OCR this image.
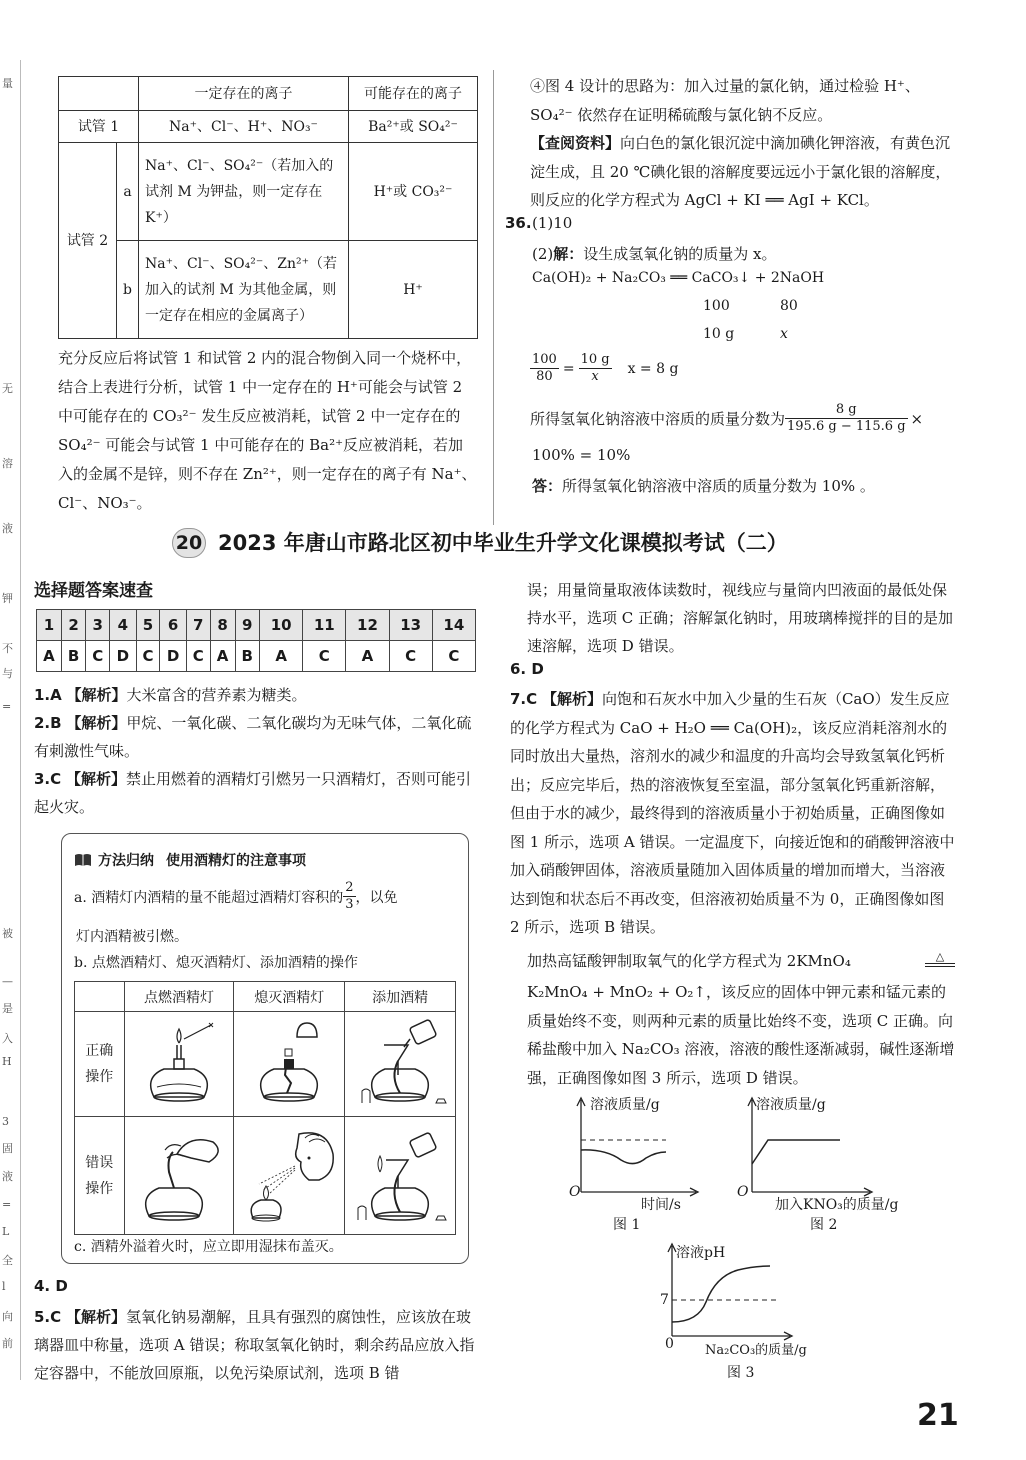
量
无
溶
液
钾
不
与
=
被
—
是
入
H
3
固
液
=
L
全
l
向
前
		一定存在的离子	可能存在的离子
试管 1		Na⁺、Cl⁻、H⁺、NO₃⁻	Ba²⁺或 SO₄²⁻
试管 2	a	Na⁺、Cl⁻、SO₄²⁻（若加入的试剂 M 为钾盐，则一定存在 K⁺）	H⁺或 CO₃²⁻
	b	Na⁺、Cl⁻、SO₄²⁻、Zn²⁺（若加入的试剂 M 为其他金属，则一定存在相应的金属离子）	H⁺
充分反应后将试管 1 和试管 2 内的混合物倒入同一个烧杯中，结合上表进行分析，试管 1 中一定存在的 H⁺可能会与试管 2 中可能存在的 CO₃²⁻ 发生反应被消耗，试管 2 中一定存在的 SO₄²⁻ 可能会与试管 1 中可能存在的 Ba²⁺反应被消耗，若加入的金属不是锌，则不存在 Zn²⁺，则一定存在的离子有 Na⁺、Cl⁻、NO₃⁻。

④图 4 设计的思路为：加入过量的氯化钠，通过检验 H⁺、SO₄²⁻ 依然存在证明稀硫酸与氯化钠不反应。

【查阅资料】向白色的氯化银沉淀中滴加碘化钾溶液，有黄色沉淀生成，且 20 ℃碘化银的溶解度要远远小于氯化银的溶解度，则反应的化学方程式为 AgCl + KI ══ AgI + KCl。

36. (1)10
(2)解：设生成氢氧化钠的质量为 x。
Ca(OH)₂ + Na₂CO₃ ══ CaCO₃↓ + 2NaOH
100	80
10 g	x
$\frac{100}{80} = \frac{10 g}{x}$ x = 8 g
所得氢氧化钠溶液中溶质的质量分数为 $\frac{8 g}{195.6 g - 115.6 g}$ ×
100% = 10%
答：所得氢氧化钠溶液中溶质的质量分数为 10% 。
20 2023 年唐山市路北区初中毕业生升学文化课模拟考试（二）
选择题答案速查
1	2	3	4	5	6	7	8	9	10	11	12	13	14
A	B	C	D	C	D	C	A	B	A	C	A	C	C

1.A 【解析】大米富含的营养素为糖类。

2.B 【解析】甲烷、一氧化碳、二氧化碳均为无味气体，二氧化硫有刺激性气味。

3.C 【解析】禁止用燃着的酒精灯引燃另一只酒精灯，否则可能引起火灾。

方法归纳 使用酒精灯的注意事项
a. 酒精灯内酒精的量不能超过酒精灯容积的 $\frac{2}{3}$ ，以免
灯内酒精被引燃。
b. 点燃酒精灯、熄灭酒精灯、添加酒精的操作
	点燃酒精灯	熄灭酒精灯	添加酒精
正确操作			
错误操作			
c. 酒精外溢着火时，应立即用湿抹布盖灭。
4. D

5.C 【解析】氢氧化钠易潮解，且具有强烈的腐蚀性，应该放在玻璃器皿中称量，选项 A 错误；称取氢氧化钠时，剩余药品应放入指定容器中，不能放回原瓶，以免污染原试剂，选项 B 错

误；用量筒量取液体读数时，视线应与量筒内凹液面的最低处保持水平，选项 C 正确；溶解氯化钠时，用玻璃棒搅拌的目的是加速溶解，选项 D 错误。
6. D

7.C 【解析】向饱和石灰水中加入少量的生石灰（CaO）发生反应的化学方程式为 CaO + H₂O ══ Ca(OH)₂，该反应消耗溶剂水的同时放出大量热，溶剂水的减少和温度的升高均会导致氢氧化钙析出；反应完毕后，热的溶液恢复至室温，部分氢氧化钙重新溶解，但由于水的减少，最终得到的溶液质量小于初始质量，正确图像如图 1 所示，选项 A 错误。一定温度下，向接近饱和的硝酸钾溶液中加入硝酸钾固体，溶液质量随加入固体质量的增加而增大，当溶液达到饱和状态后不再改变，但溶液初始质量不为 0，正确图像如图 2 所示，选项 B 错误。

加热高锰酸钾制取氧气的化学方程式为 2KMnO₄	△
K₂MnO₄ + MnO₂ + O₂↑，该反应的固体中钾元素和锰元素的质量始终不变，则两种元素的质量比始终不变，选项 C 正确。向稀盐酸中加入 Na₂CO₃ 溶液，溶液的酸性逐渐减弱，碱性逐渐增强，正确图像如图 3 所示，选项 D 错误。
溶液质量/g
时间/s
O
图 1
溶液质量/g
加入KNO₃的质量/g
O
图 2
溶液pH
Na₂CO₃的质量/g
0
7
图 3
21
